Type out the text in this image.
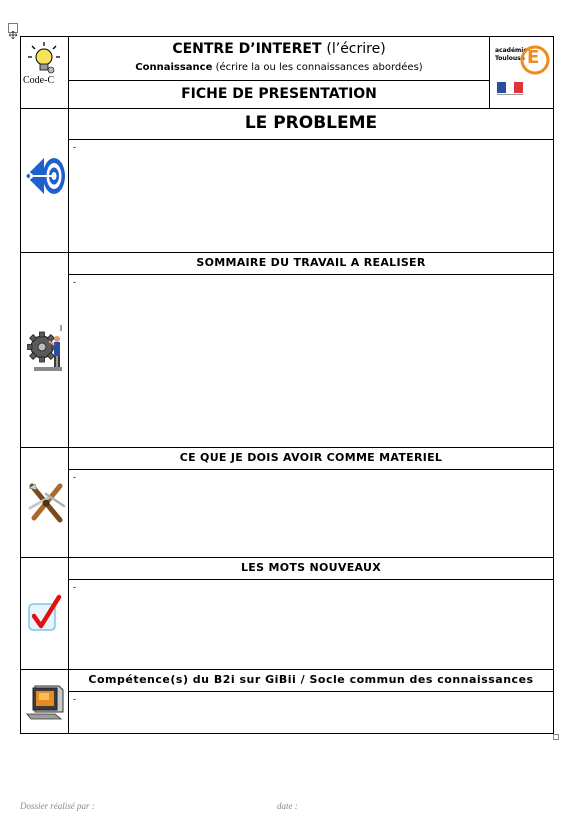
Code-C
CENTRE D’INTERET (l’écrire)
Connaissance (écrire la ou les connaissances abordées)
FICHE DE PRESENTATION
académie
Toulouse É
LE PROBLEME
-
SOMMAIRE DU TRAVAIL A REALISER
-
CE QUE JE DOIS AVOIR COMME MATERIEL
-
LES MOTS NOUVEAUX
-
Compétence(s) du B2i sur GiBii / Socle commun des connaissances
-
Dossier réalisé par :	date :
